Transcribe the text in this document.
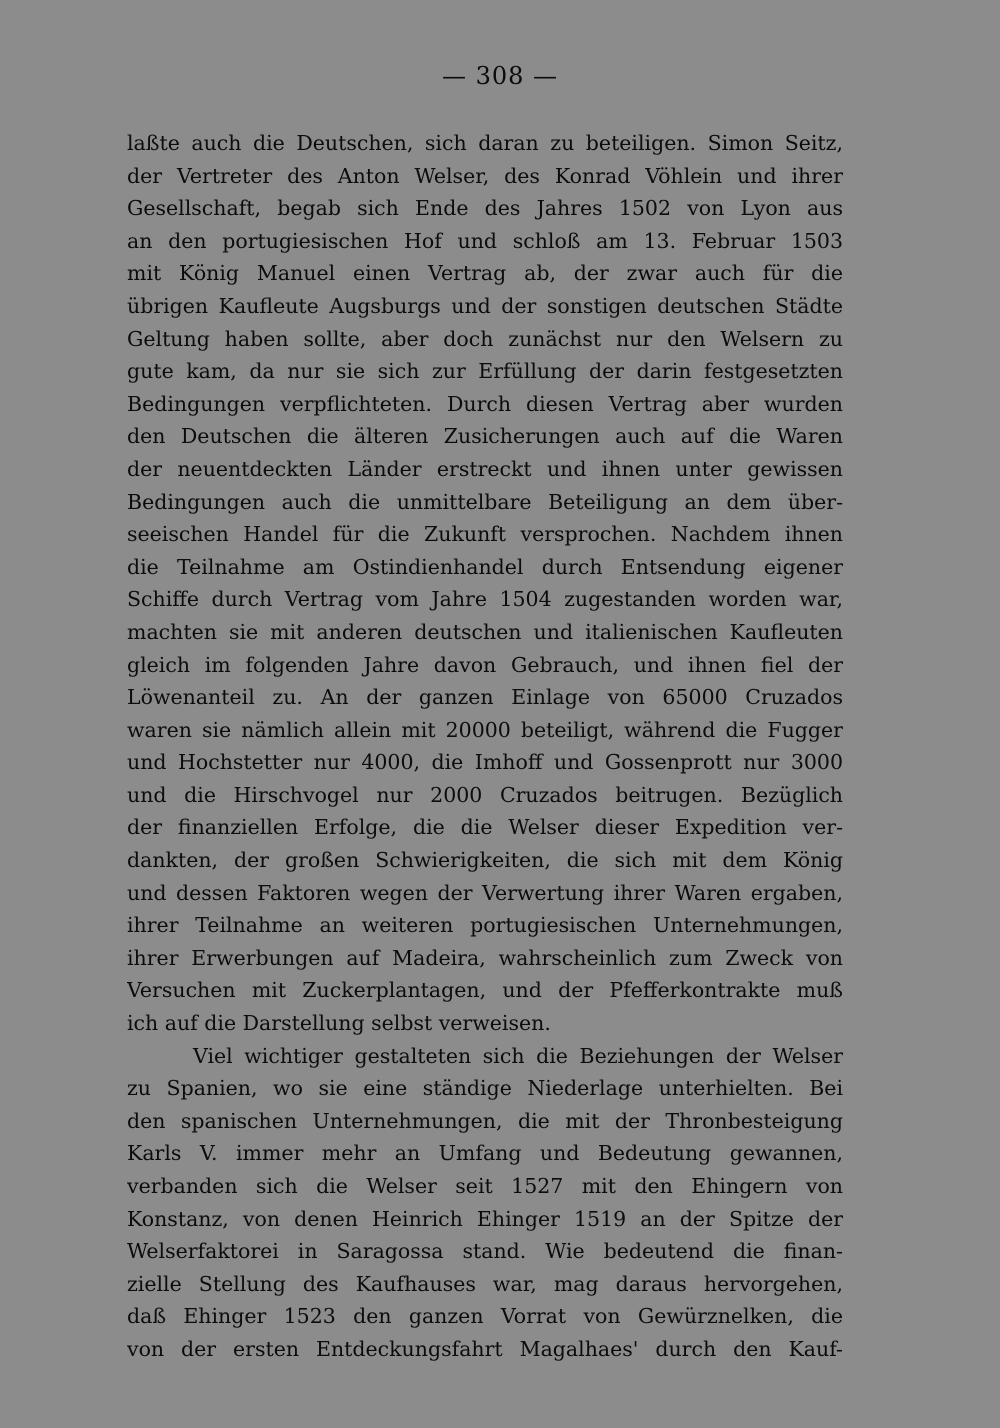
— 308 —
laßte auch die Deutschen, sich daran zu beteiligen. Simon Seitz,
der Vertreter des Anton Welser, des Konrad Vöhlein und ihrer
Gesellschaft, begab sich Ende des Jahres 1502 von Lyon aus
an den portugiesischen Hof und schloß am 13. Februar 1503
mit König Manuel einen Vertrag ab, der zwar auch für die
übrigen Kaufleute Augsburgs und der sonstigen deutschen Städte
Geltung haben sollte, aber doch zunächst nur den Welsern zu
gute kam, da nur sie sich zur Erfüllung der darin festgesetzten
Bedingungen verpflichteten. Durch diesen Vertrag aber wurden
den Deutschen die älteren Zusicherungen auch auf die Waren
der neuentdeckten Länder erstreckt und ihnen unter gewissen
Bedingungen auch die unmittelbare Beteiligung an dem über-
seeischen Handel für die Zukunft versprochen. Nachdem ihnen
die Teilnahme am Ostindienhandel durch Entsendung eigener
Schiffe durch Vertrag vom Jahre 1504 zugestanden worden war,
machten sie mit anderen deutschen und italienischen Kaufleuten
gleich im folgenden Jahre davon Gebrauch, und ihnen fiel der
Löwenanteil zu. An der ganzen Einlage von 65000 Cruzados
waren sie nämlich allein mit 20000 beteiligt, während die Fugger
und Hochstetter nur 4000, die Imhoff und Gossenprott nur 3000
und die Hirschvogel nur 2000 Cruzados beitrugen. Bezüglich
der finanziellen Erfolge, die die Welser dieser Expedition ver-
dankten, der großen Schwierigkeiten, die sich mit dem König
und dessen Faktoren wegen der Verwertung ihrer Waren ergaben,
ihrer Teilnahme an weiteren portugiesischen Unternehmungen,
ihrer Erwerbungen auf Madeira, wahrscheinlich zum Zweck von
Versuchen mit Zuckerplantagen, und der Pfefferkontrakte muß
ich auf die Darstellung selbst verweisen.
Viel wichtiger gestalteten sich die Beziehungen der Welser
zu Spanien, wo sie eine ständige Niederlage unterhielten. Bei
den spanischen Unternehmungen, die mit der Thronbesteigung
Karls V. immer mehr an Umfang und Bedeutung gewannen,
verbanden sich die Welser seit 1527 mit den Ehingern von
Konstanz, von denen Heinrich Ehinger 1519 an der Spitze der
Welserfaktorei in Saragossa stand. Wie bedeutend die finan-
zielle Stellung des Kaufhauses war, mag daraus hervorgehen,
daß Ehinger 1523 den ganzen Vorrat von Gewürznelken, die
von der ersten Entdeckungsfahrt Magalhaes' durch den Kauf-
